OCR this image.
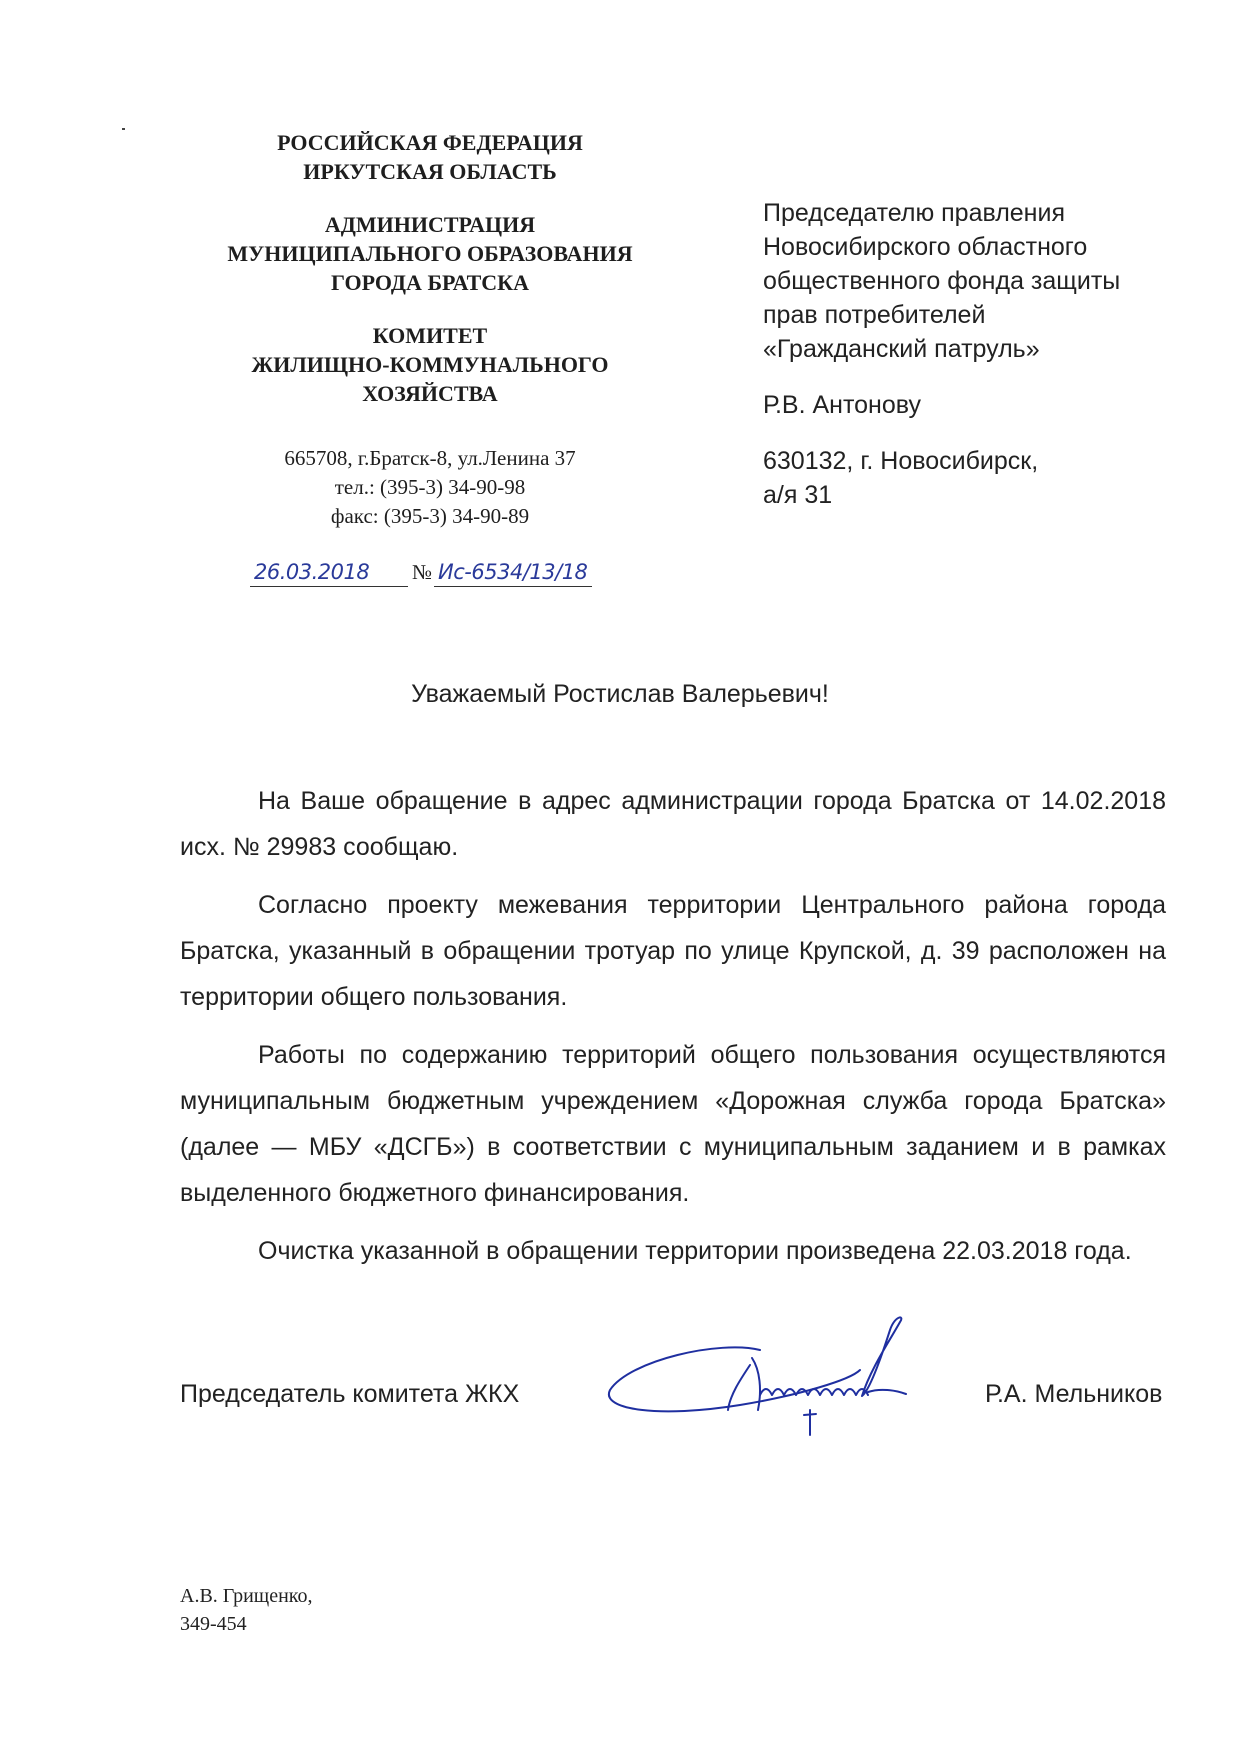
РОССИЙСКАЯ ФЕДЕРАЦИЯ
ИРКУТСКАЯ ОБЛАСТЬ
АДМИНИСТРАЦИЯ
МУНИЦИПАЛЬНОГО ОБРАЗОВАНИЯ
ГОРОДА БРАТСКА
КОМИТЕТ
ЖИЛИЩНО-КОММУНАЛЬНОГО
ХОЗЯЙСТВА
665708, г.Братск-8, ул.Ленина 37
тел.: (395-3) 34-90-98
факс: (395-3) 34-90-89
26.03.2018 № Ис-6534/13/18
Председателю правления
Новосибирского областного
общественного фонда защиты
прав потребителей
«Гражданский патруль»
Р.В. Антонову
630132, г. Новосибирск,
а/я 31
Уважаемый Ростислав Валерьевич!

На Ваше обращение в адрес администрации города Братска от 14.02.2018 исх. № 29983 сообщаю.

Согласно проекту межевания территории Центрального района города Братска, указанный в обращении тротуар по улице Крупской, д. 39 расположен на территории общего пользования.

Работы по содержанию территорий общего пользования осуществляются муниципальным бюджетным учреждением «Дорожная служба города Братска» (далее — МБУ «ДСГБ») в соответствии с муниципальным заданием и в рамках выделенного бюджетного финансирования.

Очистка указанной в обращении территории произведена 22.03.2018 года.

Председатель комитета ЖКХ	Р.А. Мельников
А.В. Грищенко,
349-454
